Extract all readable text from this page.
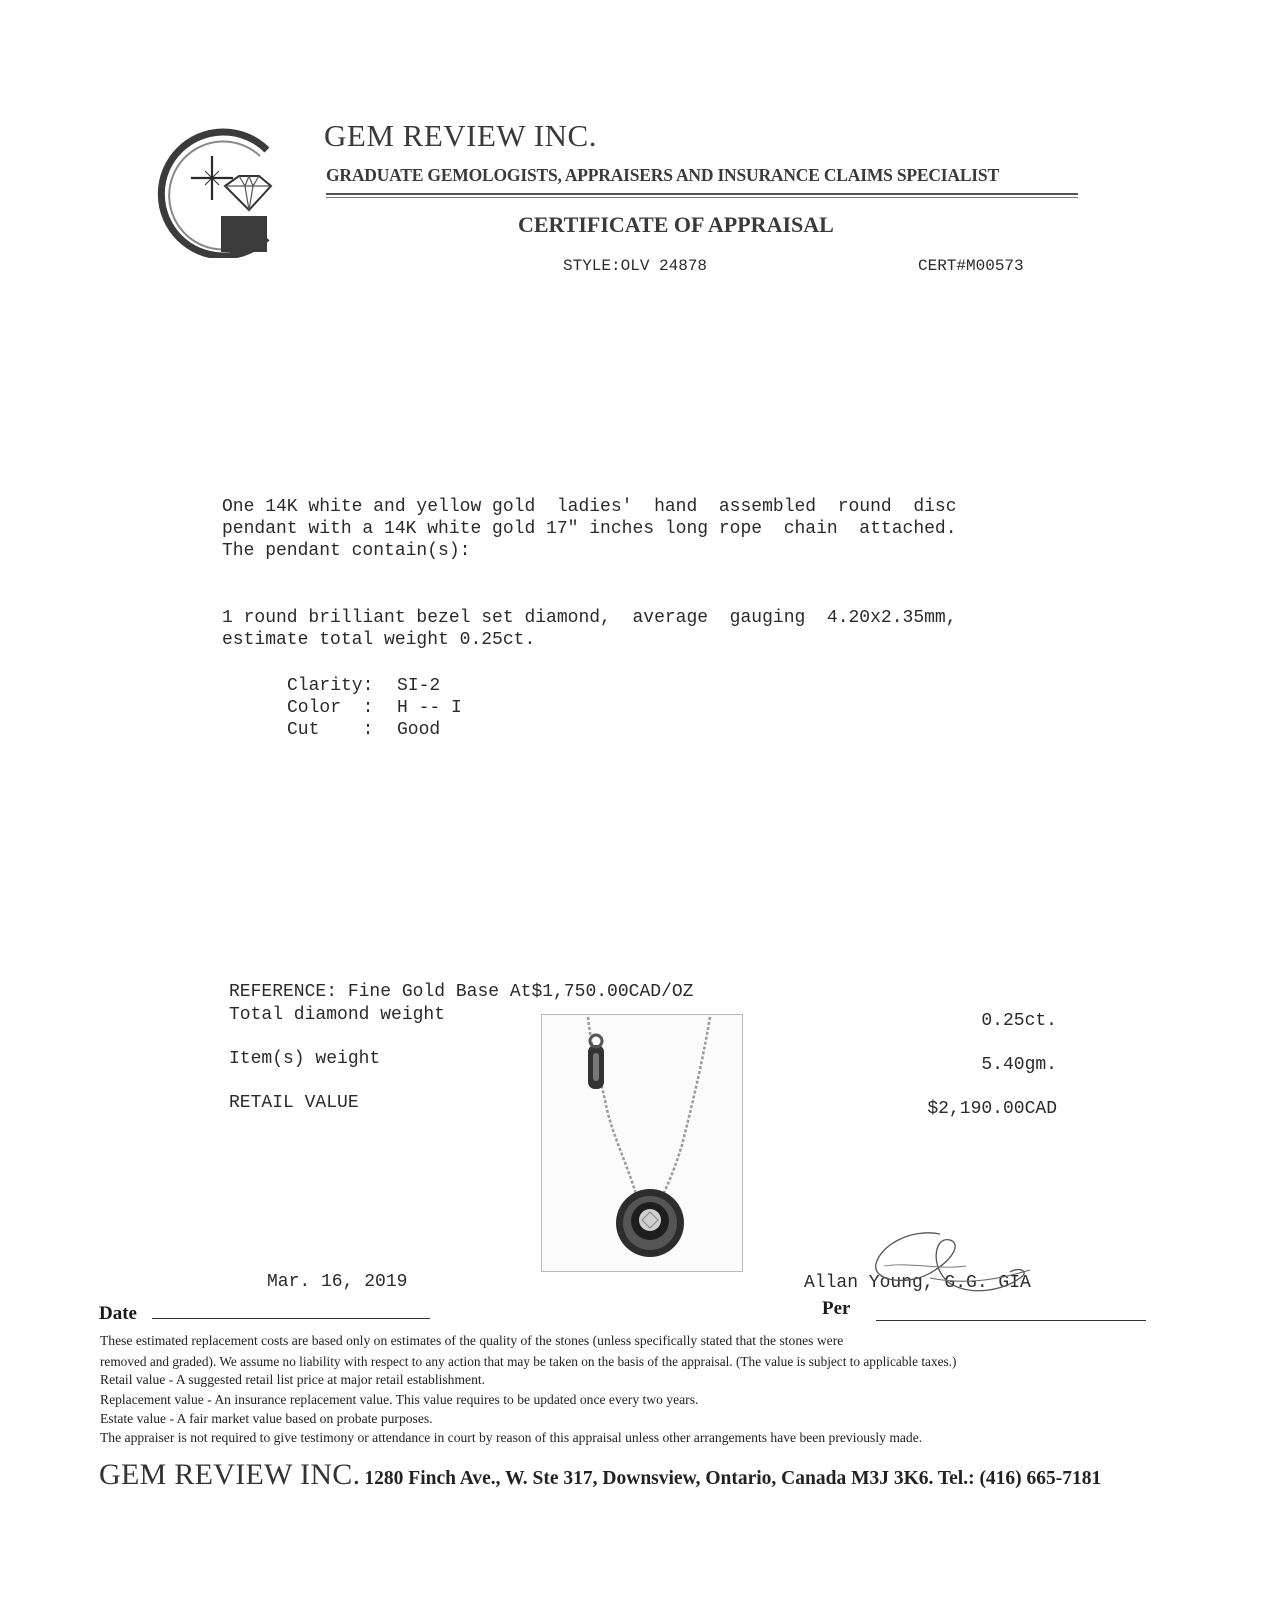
GEM REVIEW INC.
GRADUATE GEMOLOGISTS, APPRAISERS AND INSURANCE CLAIMS SPECIALIST
CERTIFICATE OF APPRAISAL
STYLE:OLV 24878	CERT#M00573
One 14K white and yellow gold  ladies'  hand  assembled  round  disc
pendant with a 14K white gold 17" inches long rope  chain  attached.
The pendant contain(s):
1 round brilliant bezel set diamond,  average  gauging  4.20x2.35mm,
estimate total weight 0.25ct.
Clarity: SI-2
Color  : H -- I
Cut    : Good
REFERENCE: Fine Gold Base At$1,750.00CAD/OZ
Total diamond weight	0.25ct.
Item(s) weight	5.40gm.
RETAIL VALUE	$2,190.00CAD
Mar. 16, 2019
Date
Allan Young, G.G. GIA
Per
These estimated replacement costs are based only on estimates of the quality of the stones (unless specifically stated that the stones were
removed and graded). We assume no liability with respect to any action that may be taken on the basis of the appraisal. (The value is subject to applicable taxes.)
Retail value - A suggested retail list price at major retail establishment.
Replacement value - An insurance replacement value. This value requires to be updated once every two years.
Estate value - A fair market value based on probate purposes.
The appraiser is not required to give testimony or attendance in court by reason of this appraisal unless other arrangements have been previously made.
GEM REVIEW INC. 1280 Finch Ave., W. Ste 317, Downsview, Ontario, Canada M3J 3K6. Tel.: (416) 665-7181
